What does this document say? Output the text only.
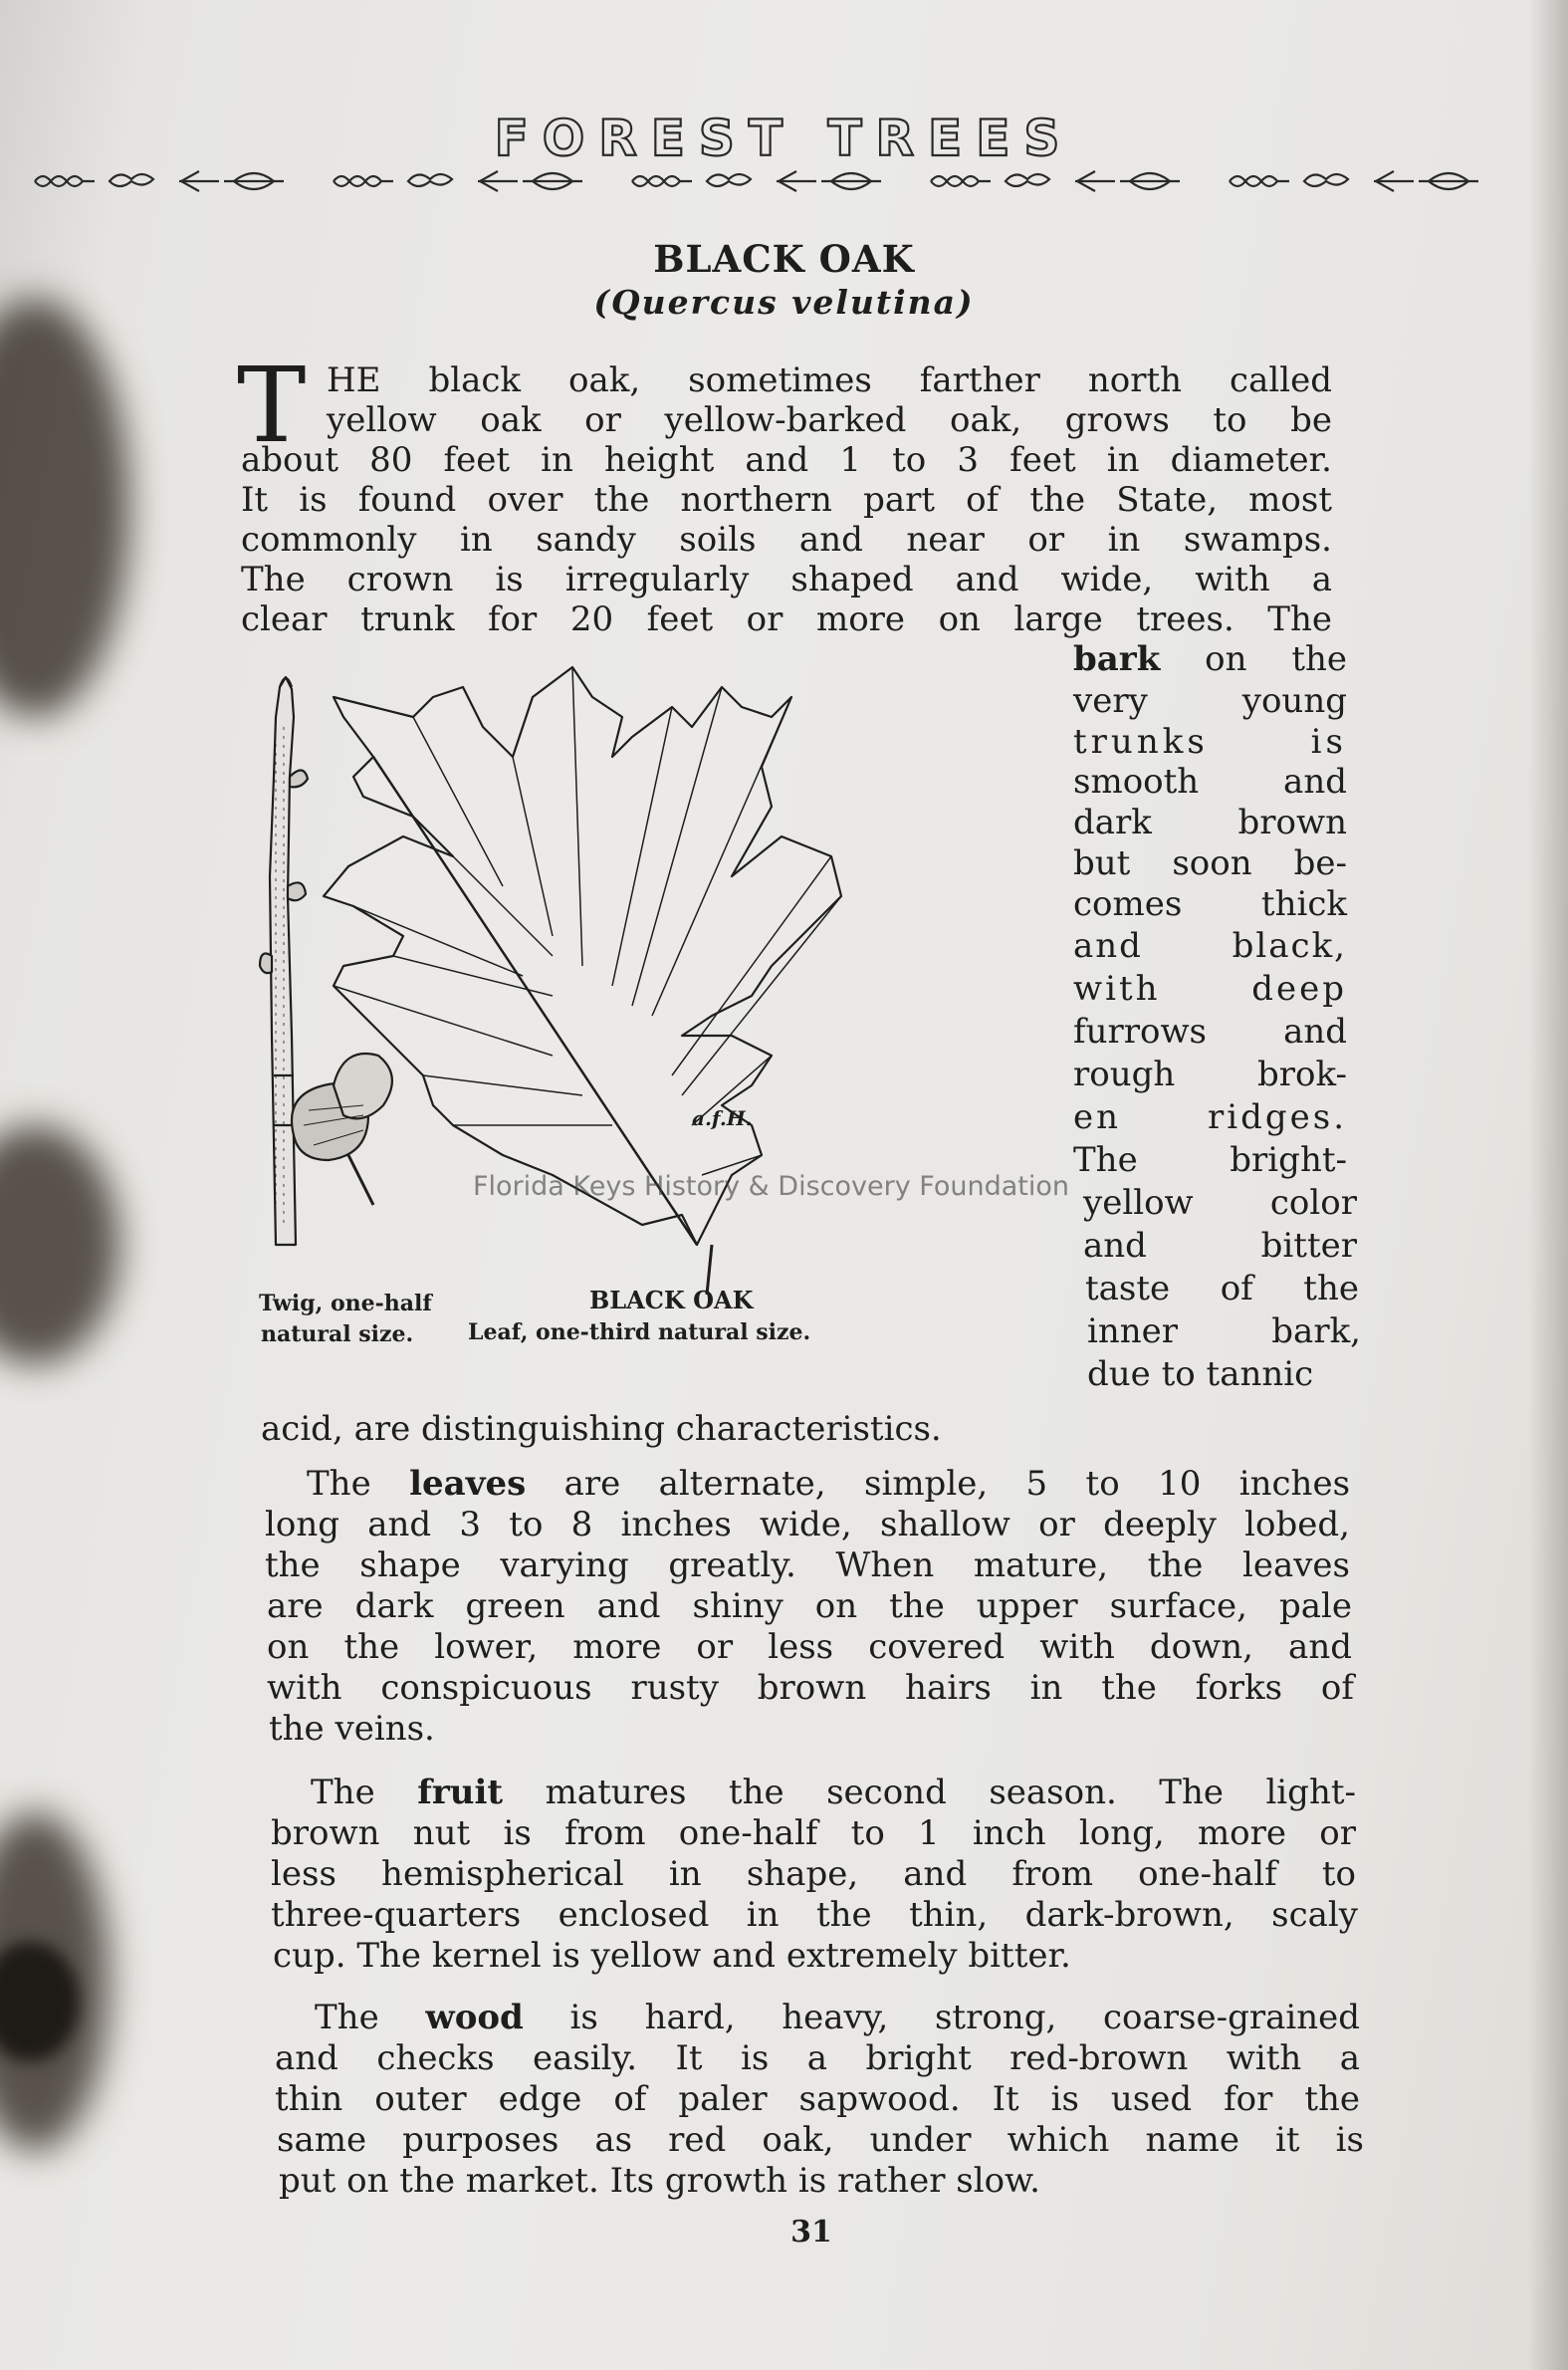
FOREST TREES
BLACK OAK
(Quercus velutina)
T HE black oak, sometimes farther north called
yellow oak or yellow-barked oak, grows to be
about 80 feet in height and 1 to 3 feet in diameter.
It is found over the northern part of the State, most
commonly in sandy soils and near or in swamps.
The crown is irregularly shaped and wide, with a
clear trunk for 20 feet or more on large trees. The
bark on the
very young
trunks is
smooth and
dark brown
but soon be-
comes thick
and black,
with deep
furrows and
rough brok-
en ridges.
The bright-
yellow color
and bitter
taste of the
inner bark,
due to tannic
acid, are distinguishing characteristics.
a.f.H.
Twig, one-half
natural size.
BLACK OAK
Leaf, one-third natural size.
Florida Keys History & Discovery Foundation
The leaves are alternate, simple, 5 to 10 inches
long and 3 to 8 inches wide, shallow or deeply lobed,
the shape varying greatly. When mature, the leaves
are dark green and shiny on the upper surface, pale
on the lower, more or less covered with down, and
with conspicuous rusty brown hairs in the forks of
the veins.
The fruit matures the second season. The light-
brown nut is from one-half to 1 inch long, more or
less hemispherical in shape, and from one-half to
three-quarters enclosed in the thin, dark-brown, scaly
cup. The kernel is yellow and extremely bitter.
The wood is hard, heavy, strong, coarse-grained
and checks easily. It is a bright red-brown with a
thin outer edge of paler sapwood. It is used for the
same purposes as red oak, under which name it is
put on the market. Its growth is rather slow.
31
